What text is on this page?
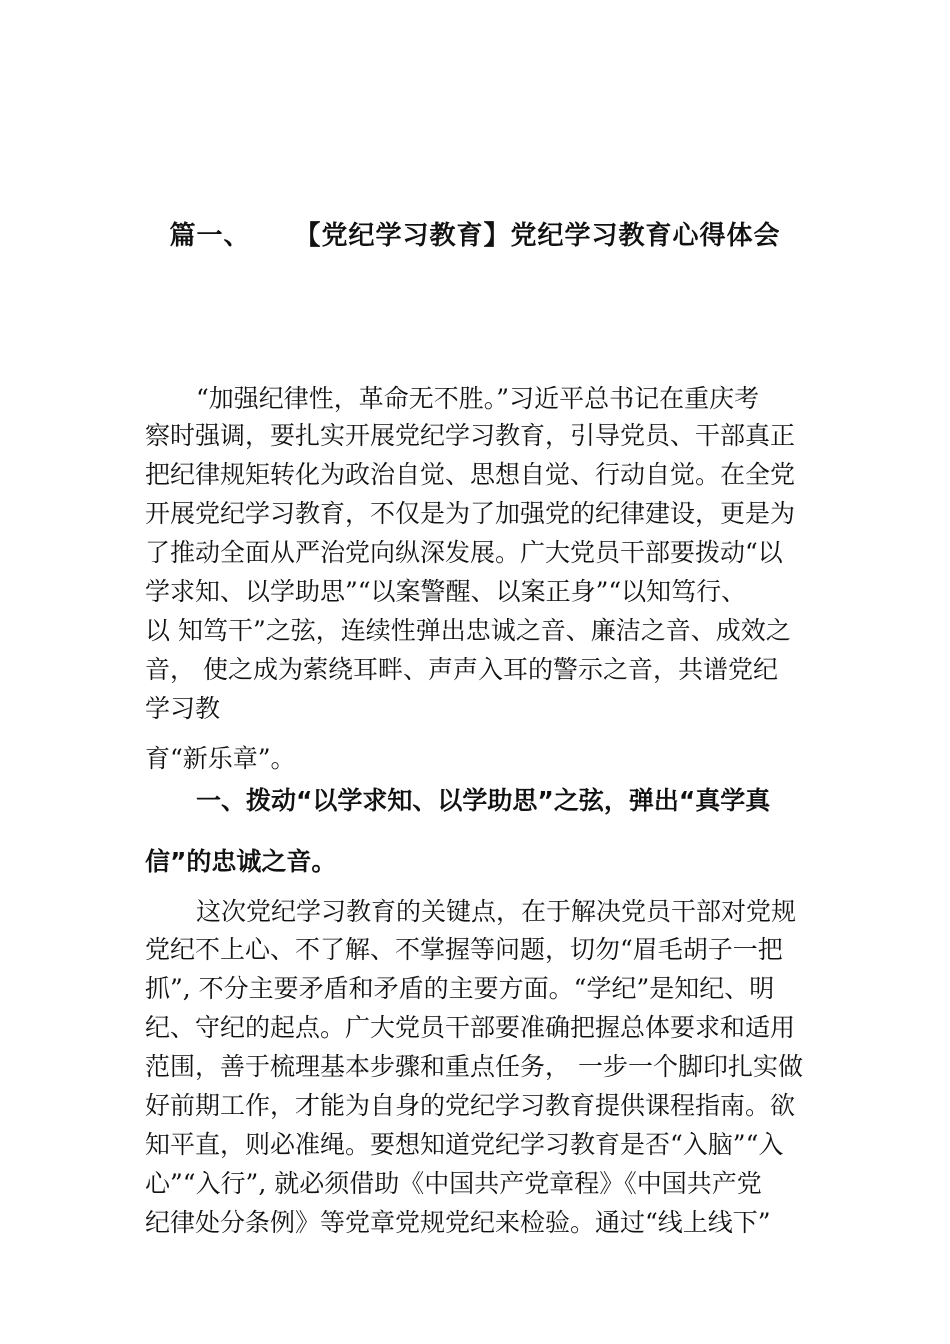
篇一、 【党纪学习教育】党纪学习教育心得体会
“加强纪律性，革命无不胜。”习近平总书记在重庆考
察时强调，要扎实开展党纪学习教育，引导党员、干部真正
把纪律规矩转化为政治自觉、思想自觉、行动自觉。在全党
开展党纪学习教育，不仅是为了加强党的纪律建设，更是为
了推动全面从严治党向纵深发展。广大党员干部要拨动“以
学求知、以学助思”“以案警醒、以案正身”“以知笃行、
以 知笃干”之弦，连续性弹出忠诚之音、廉洁之音、成效之
音， 使之成为萦绕耳畔、声声入耳的警示之音，共谱党纪
学习教
育“新乐章”。
一、拨动“以学求知、以学助思”之弦，弹出“真学真
信”的忠诚之音。
这次党纪学习教育的关键点，在于解决党员干部对党规
党纪不上心、不了解、不掌握等问题，切勿“眉毛胡子一把
抓”, 不分主要矛盾和矛盾的主要方面。“学纪”是知纪、明
纪、守纪的起点。广大党员干部要准确把握总体要求和适用
范围，善于梳理基本步骤和重点任务， 一步一个脚印扎实做
好前期工作，才能为自身的党纪学习教育提供课程指南。欲
知平直，则必准绳。要想知道党纪学习教育是否“入脑”“入
心”“入行”, 就必须借助《中国共产党章程》《中国共产党
纪律处分条例》等党章党规党纪来检验。通过“线上线下”
